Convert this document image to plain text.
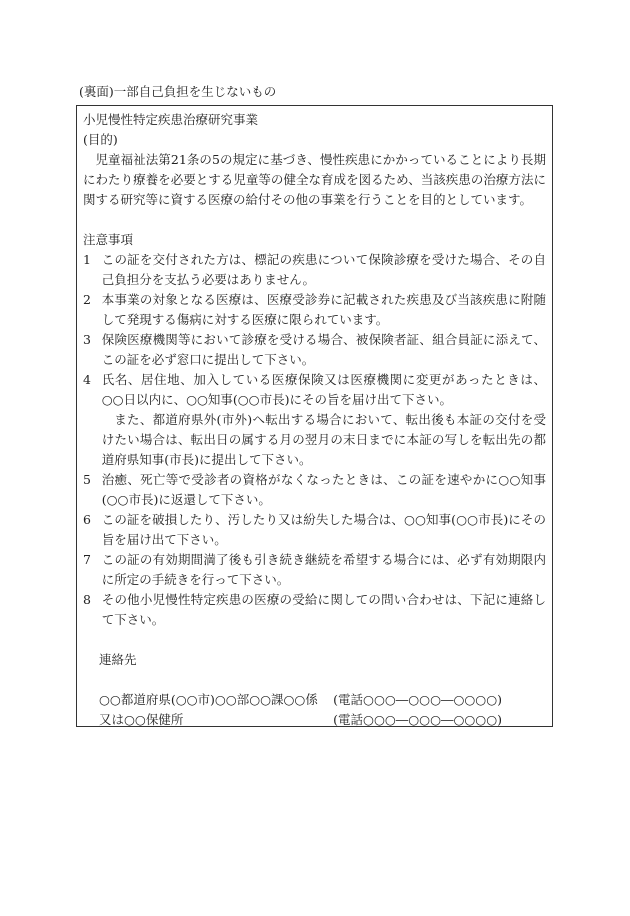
(裏面)一部自己負担を生じないもの

小児慢性特定疾患治療研究事業

(目的)

児童福祉法第21条の5の規定に基づき、慢性疾患にかかっていることにより長期にわたり療養を必要とする児童等の健全な育成を図るため、当該疾患の治療方法に関する研究等に資する医療の給付その他の事業を行うことを目的としています。

注意事項

1 この証を交付された方は、標記の疾患について保険診療を受けた場合、その自己負担分を支払う必要はありません。
2 本事業の対象となる医療は、医療受診券に記載された疾患及び当該疾患に附随して発現する傷病に対する医療に限られています。
3 保険医療機関等において診療を受ける場合、被保険者証、組合員証に添えて、この証を必ず窓口に提出して下さい。
4 氏名、居住地、加入している医療保険又は医療機関に変更があったときは、○○日以内に、○○知事(○○市長)にその旨を届け出て下さい。

また、都道府県外(市外)へ転出する場合において、転出後も本証の交付を受けたい場合は、転出日の属する月の翌月の末日までに本証の写しを転出先の都道府県知事(市長)に提出して下さい。

5 治癒、死亡等で受診者の資格がなくなったときは、この証を速やかに○○知事(○○市長)に返還して下さい。
6 この証を破損したり、汚したり又は紛失した場合は、○○知事(○○市長)にその旨を届け出て下さい。
7 この証の有効期間満了後も引き続き継続を希望する場合には、必ず有効期限内に所定の手続きを行って下さい。
8 その他小児慢性特定疾患の医療の受給に関しての問い合わせは、下記に連絡して下さい。

連絡先

○○都道府県(○○市)○○部○○課○○係 (電話○○○―○○○―○○○○)
又は○○保健所	(電話○○○―○○○―○○○○)
